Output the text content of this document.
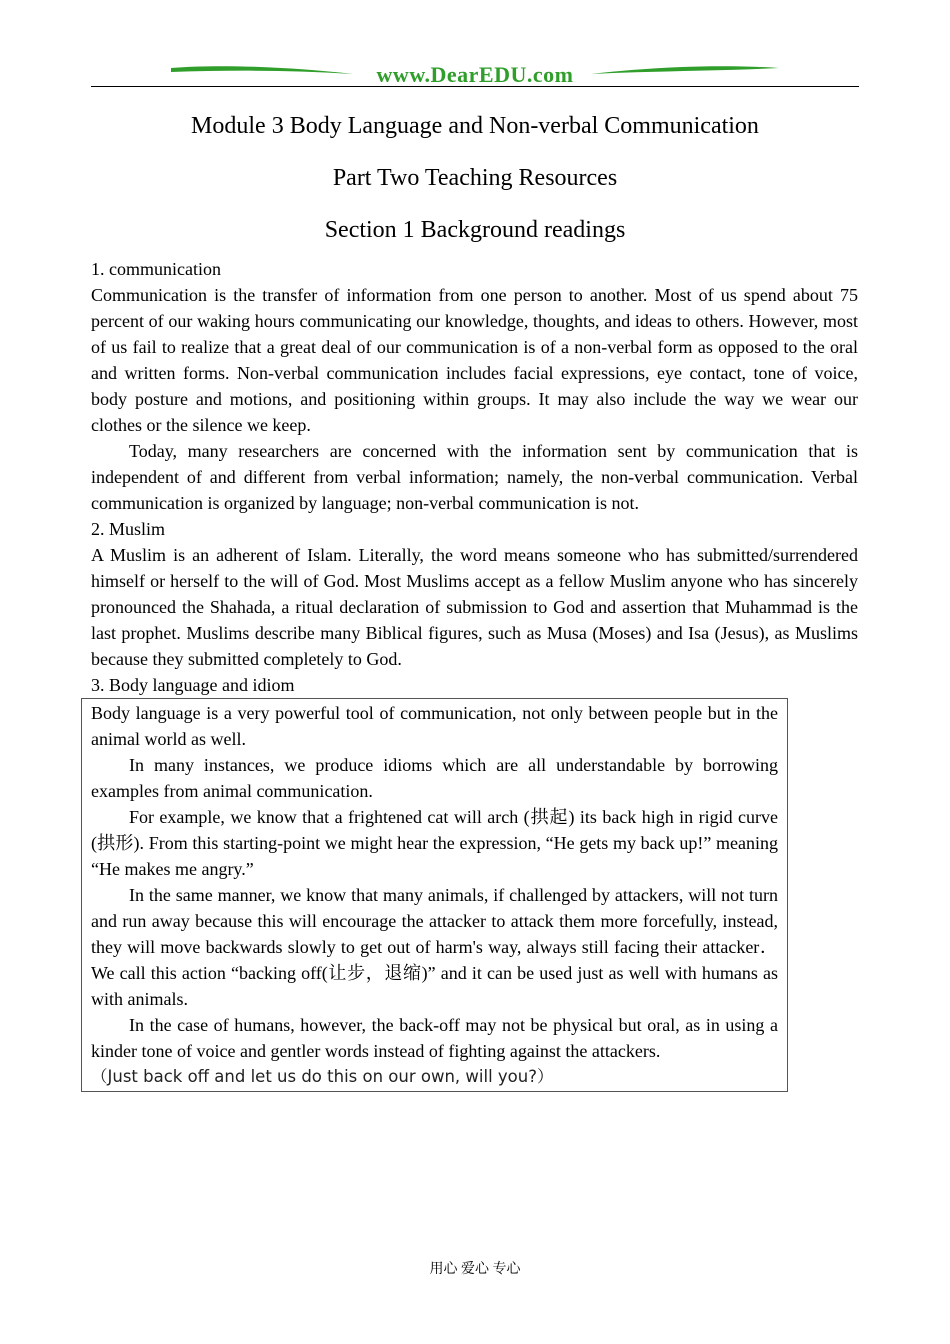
www.DearEDU.com
Module 3 Body Language and Non-verbal Communication
Part Two Teaching Resources
Section 1 Background readings

1. communication

Communication is the transfer of information from one person to another. Most of us spend about 75 percent of our waking hours communicating our knowledge, thoughts, and ideas to others. However, most of us fail to realize that a great deal of our communication is of a non-verbal form as opposed to the oral and written forms. Non-verbal communication includes facial expressions, eye contact, tone of voice, body posture and motions, and positioning within groups. It may also include the way we wear our clothes or the silence we keep.

Today, many researchers are concerned with the information sent by communication that is independent of and different from verbal information; namely, the non-verbal communication. Verbal communication is organized by language; non-verbal communication is not.

2. Muslim

A Muslim is an adherent of Islam. Literally, the word means someone who has submitted/surrendered himself or herself to the will of God. Most Muslims accept as a fellow Muslim anyone who has sincerely pronounced the Shahada, a ritual declaration of submission to God and assertion that Muhammad is the last prophet. Muslims describe many Biblical figures, such as Musa (Moses) and Isa (Jesus), as Muslims because they submitted completely to God.

3. Body language and idiom

Body language is a very powerful tool of communication, not only between people but in the animal world as well.

In many instances, we produce idioms which are all understandable by borrowing examples from animal communication.

For example, we know that a frightened cat will arch (拱起) its back high in rigid curve (拱形). From this starting-point we might hear the expression, “He gets my back up!” meaning “He makes me angry.”

In the same manner, we know that many animals, if challenged by attackers, will not turn and run away because this will encourage the attacker to attack them more forcefully, instead, they will move backwards slowly to get out of harm's way, always still facing their attacker．We call this action “backing off(让步，退缩)” and it can be used just as well with humans as with animals.

In the case of humans, however, the back-off may not be physical but oral, as in using a kinder tone of voice and gentler words instead of fighting against the attackers.

（Just back off and let us do this on our own, will you?）

用心 爱心 专心
